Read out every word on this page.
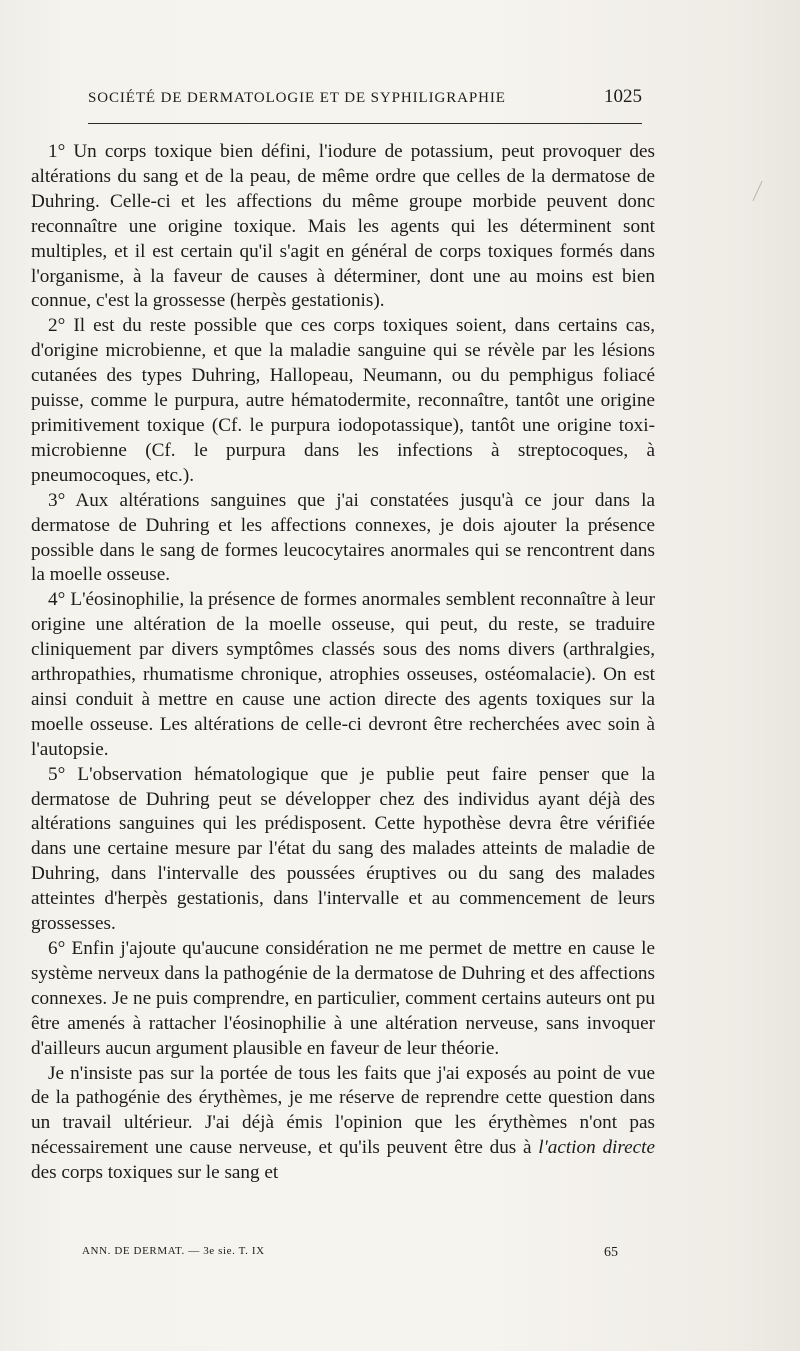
SOCIÉTÉ DE DERMATOLOGIE ET DE SYPHILIGRAPHIE	1025

1° Un corps toxique bien défini, l'iodure de potassium, peut provoquer des altérations du sang et de la peau, de même ordre que celles de la dermatose de Duhring. Celle-ci et les affections du même groupe morbide peuvent donc reconnaître une origine toxique. Mais les agents qui les déterminent sont multiples, et il est certain qu'il s'agit en général de corps toxiques formés dans l'organisme, à la faveur de causes à déterminer, dont une au moins est bien connue, c'est la grossesse (herpès gestationis).

2° Il est du reste possible que ces corps toxiques soient, dans certains cas, d'origine microbienne, et que la maladie sanguine qui se révèle par les lésions cutanées des types Duhring, Hallopeau, Neumann, ou du pemphigus foliacé puisse, comme le purpura, autre hématodermite, reconnaître, tantôt une origine primitivement toxique (Cf. le purpura iodopotassique), tantôt une origine toxi-microbienne (Cf. le purpura dans les infections à streptocoques, à pneumocoques, etc.).

3° Aux altérations sanguines que j'ai constatées jusqu'à ce jour dans la dermatose de Duhring et les affections connexes, je dois ajouter la présence possible dans le sang de formes leucocytaires anormales qui se rencontrent dans la moelle osseuse.

4° L'éosinophilie, la présence de formes anormales semblent reconnaître à leur origine une altération de la moelle osseuse, qui peut, du reste, se traduire cliniquement par divers symptômes classés sous des noms divers (arthralgies, arthropathies, rhumatisme chronique, atrophies osseuses, ostéomalacie). On est ainsi conduit à mettre en cause une action directe des agents toxiques sur la moelle osseuse. Les altérations de celle-ci devront être recherchées avec soin à l'autopsie.

5° L'observation hématologique que je publie peut faire penser que la dermatose de Duhring peut se développer chez des individus ayant déjà des altérations sanguines qui les prédisposent. Cette hypothèse devra être vérifiée dans une certaine mesure par l'état du sang des malades atteints de maladie de Duhring, dans l'intervalle des poussées éruptives ou du sang des malades atteintes d'herpès gestationis, dans l'intervalle et au commencement de leurs grossesses.

6° Enfin j'ajoute qu'aucune considération ne me permet de mettre en cause le système nerveux dans la pathogénie de la dermatose de Duhring et des affections connexes. Je ne puis comprendre, en particulier, comment certains auteurs ont pu être amenés à rattacher l'éosinophilie à une altération nerveuse, sans invoquer d'ailleurs aucun argument plausible en faveur de leur théorie.

Je n'insiste pas sur la portée de tous les faits que j'ai exposés au point de vue de la pathogénie des érythèmes, je me réserve de reprendre cette question dans un travail ultérieur. J'ai déjà émis l'opinion que les érythèmes n'ont pas nécessairement une cause nerveuse, et qu'ils peuvent être dus à l'action directe des corps toxiques sur le sang et

ANN. DE DERMAT. — 3e sie. T. IX	65
